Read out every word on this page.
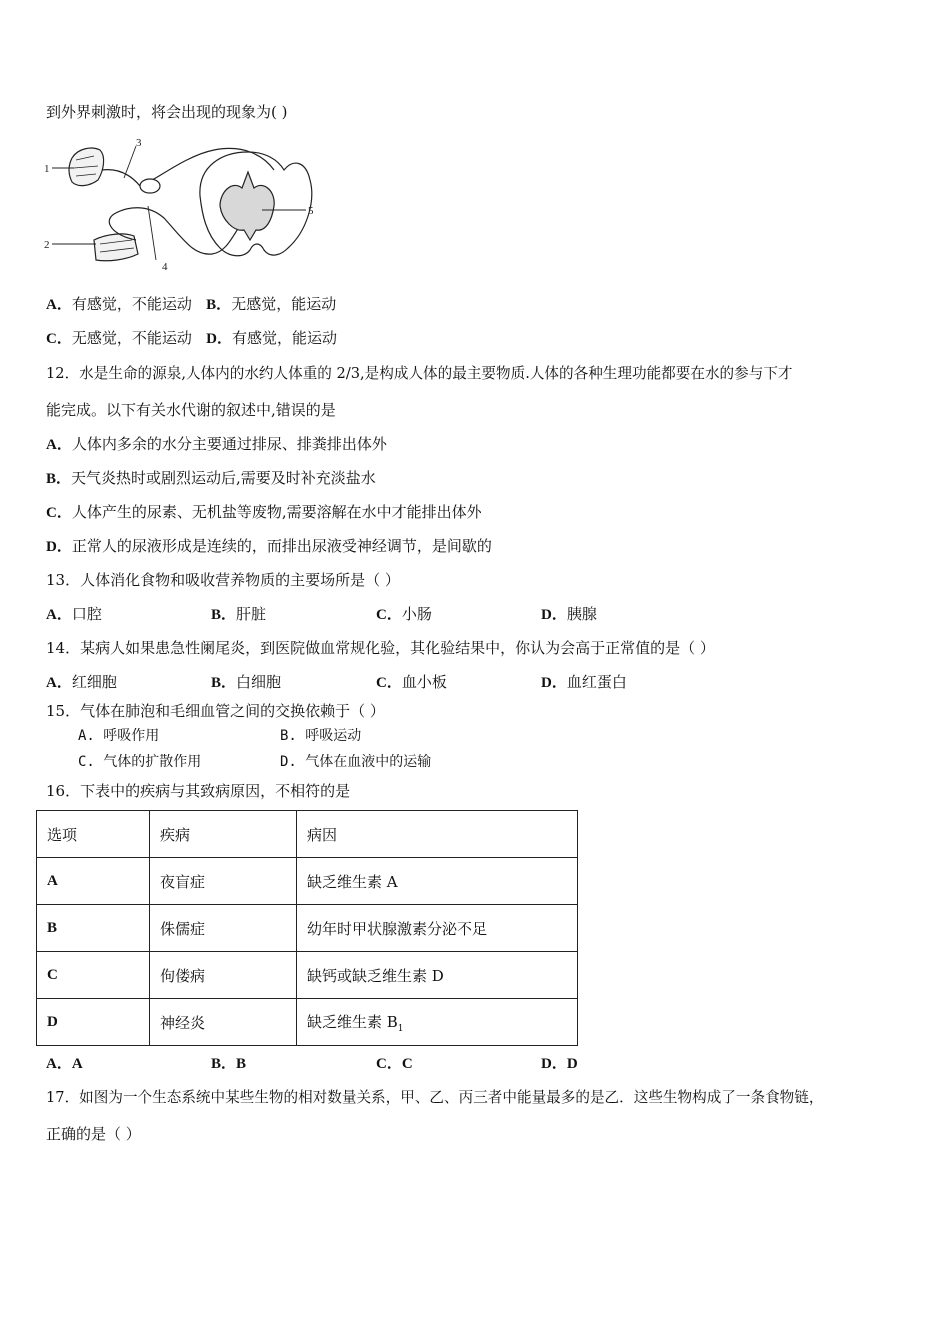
到外界刺激时，将会出现的现象为( )
1
2
3
4
5
A．有感觉，不能运动 B．无感觉，能运动
C．无感觉，不能运动 D．有感觉，能运动
12．水是生命的源泉,人体内的水约人体重的 2/3,是构成人体的最主要物质.人体的各种生理功能都要在水的参与下才
能完成。以下有关水代谢的叙述中,错误的是
A．人体内多余的水分主要通过排尿、排粪排出体外
B．天气炎热时或剧烈运动后,需要及时补充淡盐水
C．人体产生的尿素、无机盐等废物,需要溶解在水中才能排出体外
D．正常人的尿液形成是连续的，而排出尿液受神经调节，是间歇的
13．人体消化食物和吸收营养物质的主要场所是（ ）
A．口腔	B．肝脏	C．小肠	D．胰腺
14．某病人如果患急性阑尾炎，到医院做血常规化验，其化验结果中，你认为会高于正常值的是（ ）
A．红细胞	B．白细胞	C．血小板	D．血红蛋白
15．气体在肺泡和毛细血管之间的交换依赖于（ ）
A. 呼吸作用	B. 呼吸运动
C. 气体的扩散作用	D. 气体在血液中的运输
16．下表中的疾病与其致病原因，不相符的是
选项	疾病	病因
A	夜盲症	缺乏维生素 A
B	侏儒症	幼年时甲状腺激素分泌不足
C	佝偻病	缺钙或缺乏维生素 D
D	神经炎	缺乏维生素 $B_1$
A．A	B．B	C．C	D．D
17．如图为一个生态系统中某些生物的相对数量关系，甲、乙、丙三者中能量最多的是乙．这些生物构成了一条食物链，
正确的是（ ）
